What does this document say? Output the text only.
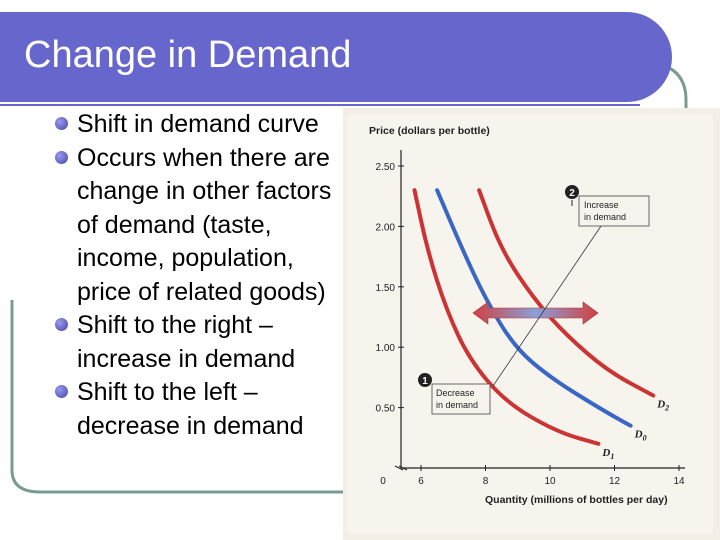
Change in Demand
Shift in demand curve
Occurs when there are change in other factors of demand (taste, income, population, price of related goods)
Shift to the right – increase in demand
Shift to the left – decrease in demand
Price (dollars per bottle)
Quantity (millions of bottles per day)
0	6	8	10	12	14
0.50
1.00
1.50
2.00
2.50
$D_0$
$D_1$
$D_2$
2
Increase
in demand
1
Decrease
in demand
